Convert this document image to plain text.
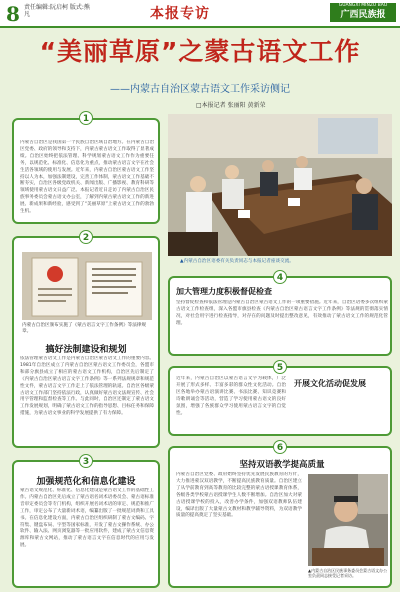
8 责任编辑:阮启柯 版式:熊 凡	本报专访
GUANGXI MINZU BAO
广西民族报
“美丽草原”之蒙古语文工作
——内蒙古自治区蒙古语文工作采访侧记
□本报记者 张丽阳 黄新荣
内蒙古自治区是我国第一个民族自治区域自治地方。在内蒙古自治区党委、政府的领导和支持下，内蒙古蒙古语文工作取得了显著成绩。自治区始终把依法管理、科学规划蒙古语文工作作为重要任务，以规范化、标准化、信息化为重点，推动蒙古语言文字在社会生活各领域的使用与发展。近年来，内蒙古自治区蒙古语文工作坚持以人为本，加强法制建设，完善工作体制，蒙古语文工作基础不断夯实，自治区各级党政机关、新闻出版、广播影视、教育科研等领域使用蒙古语文日益广泛。本报记者近日走访了内蒙古自治区民族事务委员会蒙古语文办公室，了解到内蒙古蒙古语文工作的新进展、新成果和新经验，感受到了“美丽草原”上蒙古语文工作的勃勃生机。
1
内蒙古自治区颁布实施了《蒙古语言文字工作条例》等法律规章。
搞好法制建设和规划
依法管理蒙古语文工作是内蒙古自治区蒙古语文工作的重要内容。1981年自治区成立了内蒙古自治区蒙古语文工作委员会，各盟市和部分旗县成立了相应的蒙古语文工作机构，自治区先后制定了《内蒙古自治区蒙古语言文字工作条例》等一系列法规规章和规范性文件，蒙古语言文字工作走上了依法管理的轨道。自治区各级蒙古语文工作部门坚持依法行政，认真做好蒙古语文法规宣传、社会用字管理和监督检查等工作。与此同时，自治区还制定了蒙古语文工作发展规划，明确了蒙古语文工作的指导思想、目标任务和保障措施，为蒙古语文事业的科学发展提供了有力保障。
2
加强规范化和信息化建设
蒙古语文规范化、标准化、信息化建设是蒙古语文工作的基础性工作。内蒙古自治区先后成立了蒙古语名词术语委员会、蒙古语标准音审定委员会等专门机构，组织开展名词术语的审定、规范和推广工作，审定公布了大量新词术语，编纂出版了一批规范词典和工具书。在信息化建设方面，内蒙古自治区组织研制了蒙古文编码、字符集、键盘布局、字型等国家标准，开发了蒙古文操作系统、办公软件、输入法、网页浏览器等一批应用软件，建成了蒙古文信息资源库和蒙古文网站，推动了蒙古语言文字在信息时代的应用与发展。
3
▲内蒙古自治区语委有关负责同志与本报记者座谈交流。
加大管理力度积极督促检查
坚持督促检查和依法管理是内蒙古自治区蒙古语文工作的一项重要措施。近年来，自治区语委多次组织蒙古语文工作检查组，深入各盟市旗县检查《内蒙古自治区蒙古语言文字工作条例》等法规的贯彻落实情况，对社会用字进行检查指导，对存在的问题及时提出整改意见，有效推动了蒙古语文工作的规范化管理。
4
近年来，内蒙古自治区以蒙古语言文字为载体，广泛开展了形式多样、丰富多彩的群众性文化活动。自治区各地举办蒙古语演讲比赛、书法比赛、知识竞赛和诗歌朗诵会等活动，营造了学习使用蒙古语文的良好氛围，增强了各族群众学习使用蒙古语言文字的自觉性。
开展文化活动促发展
5
坚持双语教学提高质量
内蒙古自治区党委、政府始终坚持优先发展民族教育的方针，大力推进蒙汉双语教学，不断提高民族教育质量。自治区建立了从学前教育到高等教育的比较完整的蒙古语授课教育体系，各级各类学校蒙古语授课学生人数不断增加。自治区加大对蒙古语授课学校的投入，改善办学条件，加强双语教师队伍建设，编译出版了大量蒙古文教材和教学辅导资料，为双语教学质量的提高奠定了坚实基础。
▲内蒙古自治区民族事务委员会蒙古语文办公室负责同志接受记者采访。
6
